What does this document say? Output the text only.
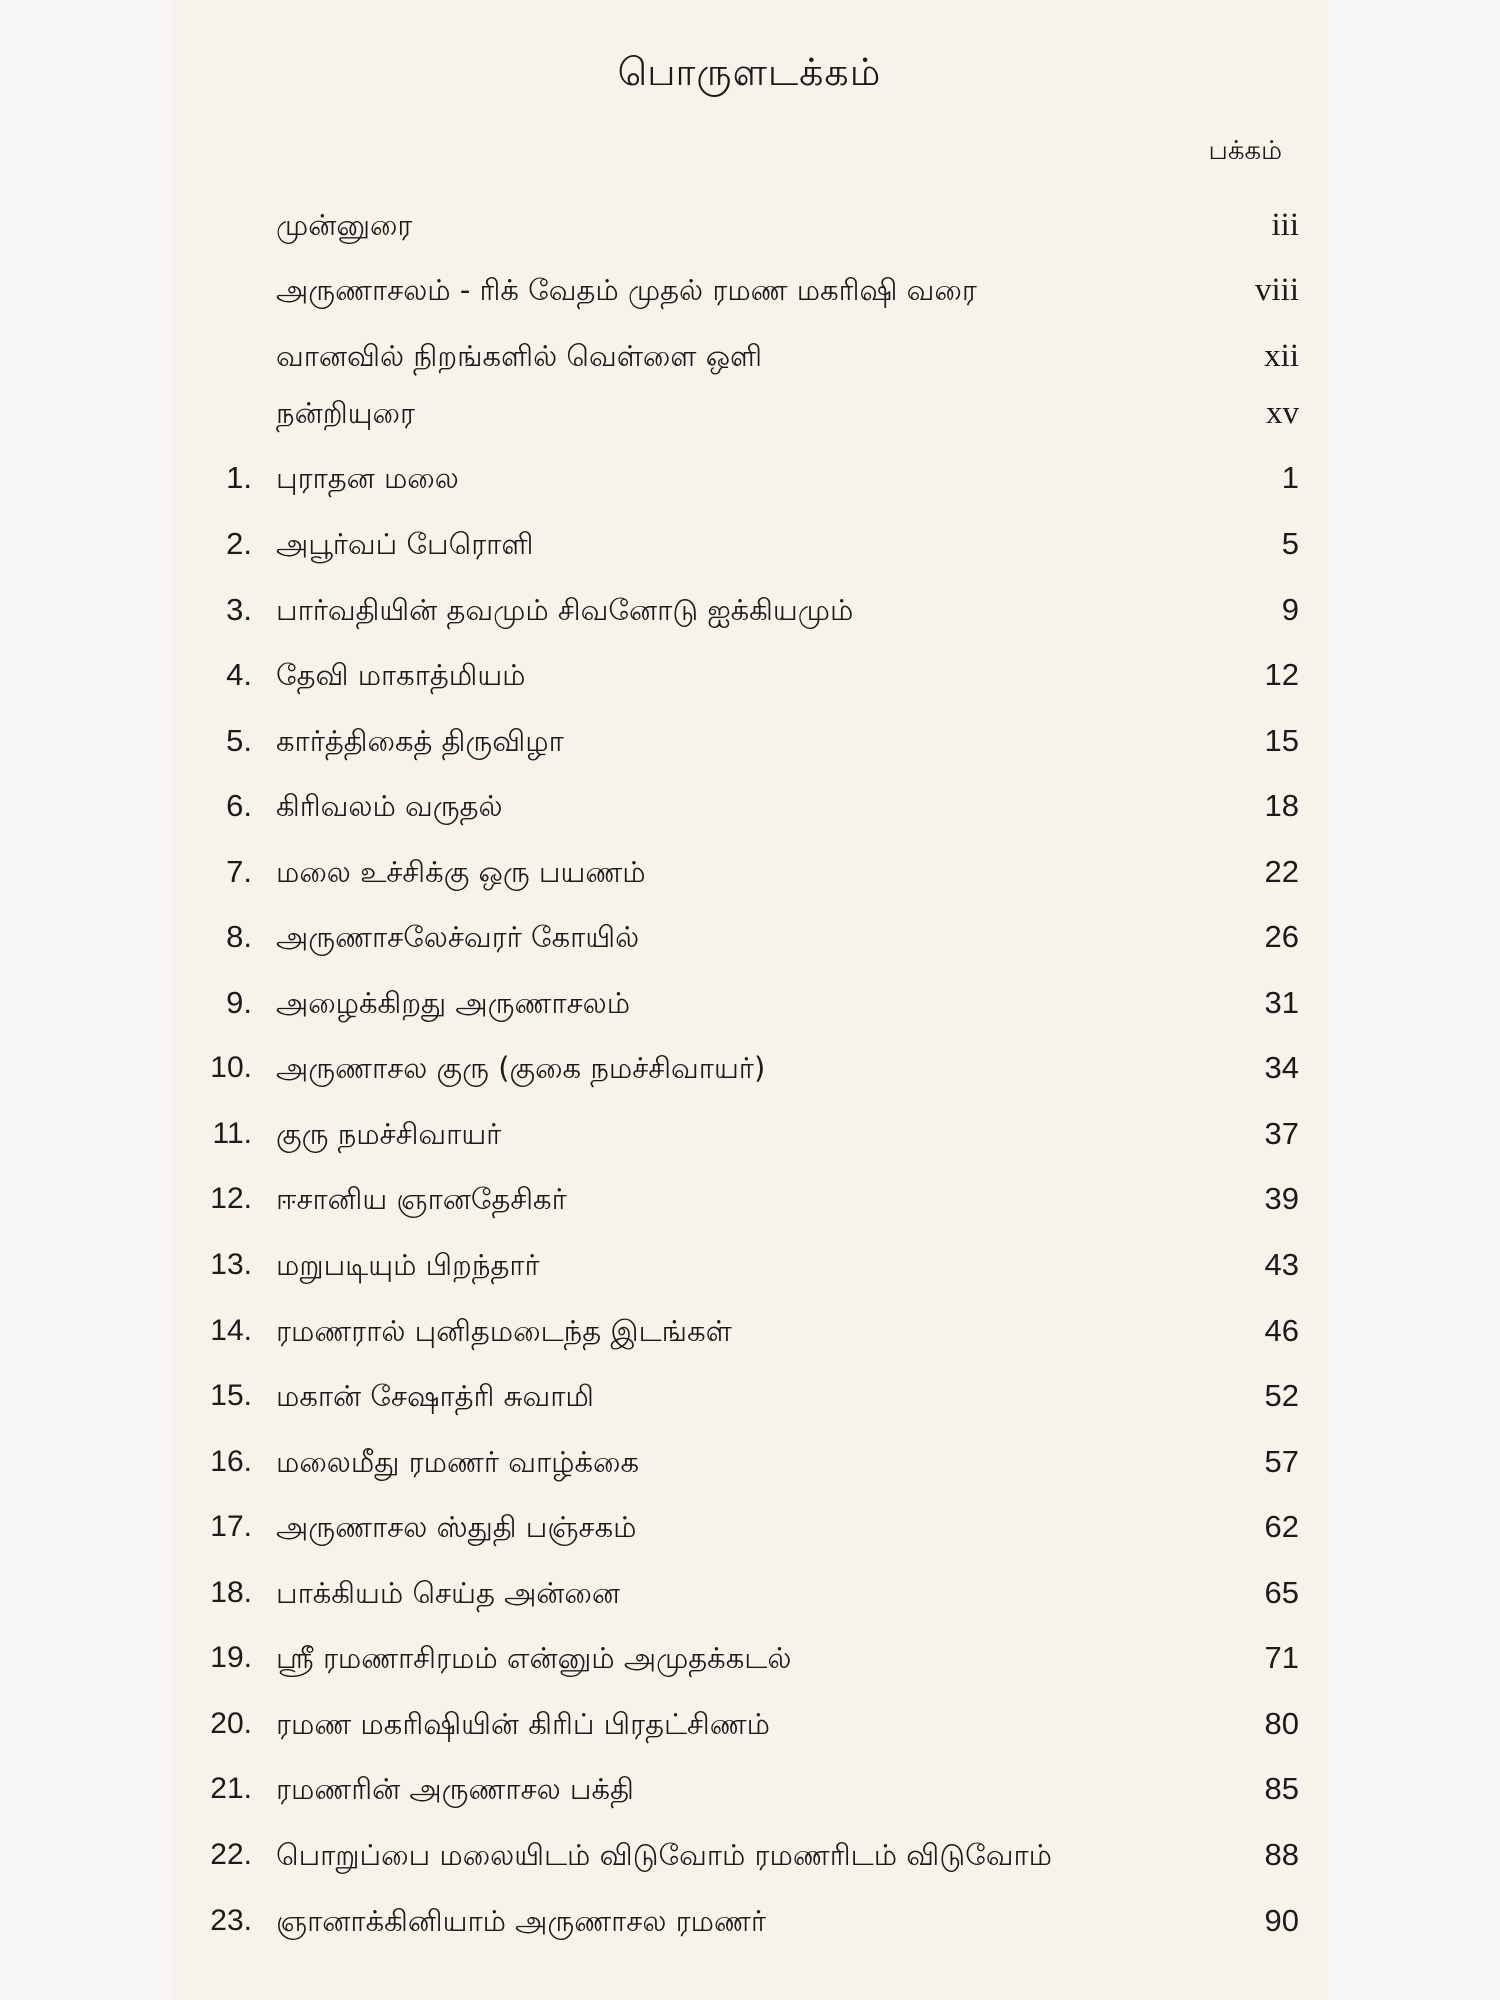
பொருளடக்கம்
பக்கம்
முன்னுரை	iii
அருணாசலம் - ரிக் வேதம் முதல் ரமண மகரிஷி வரை	viii
வானவில் நிறங்களில் வெள்ளை ஒளி	xii
நன்றியுரை	xv
1. புராதன மலை	1
2. அபூர்வப் பேரொளி	5
3. பார்வதியின் தவமும் சிவனோடு ஐக்கியமும்	9
4. தேவி மாகாத்மியம்	12
5. கார்த்திகைத் திருவிழா	15
6. கிரிவலம் வருதல்	18
7. மலை உச்சிக்கு ஒரு பயணம்	22
8. அருணாசலேச்வரர் கோயில்	26
9. அழைக்கிறது அருணாசலம்	31
10. அருணாசல குரு (குகை நமச்சிவாயர்)	34
11. குரு நமச்சிவாயர்	37
12. ஈசானிய ஞானதேசிகர்	39
13. மறுபடியும் பிறந்தார்	43
14. ரமணரால் புனிதமடைந்த இடங்கள்	46
15. மகான் சேஷாத்ரி சுவாமி	52
16. மலைமீது ரமணர் வாழ்க்கை	57
17. அருணாசல ஸ்துதி பஞ்சகம்	62
18. பாக்கியம் செய்த அன்னை	65
19. ஸ்ரீ ரமணாசிரமம் என்னும் அமுதக்கடல்	71
20. ரமண மகரிஷியின் கிரிப் பிரதட்சிணம்	80
21. ரமணரின் அருணாசல பக்தி	85
22. பொறுப்பை மலையிடம் விடுவோம் ரமணரிடம் விடுவோம்	88
23. ஞானாக்கினியாம் அருணாசல ரமணர்	90
